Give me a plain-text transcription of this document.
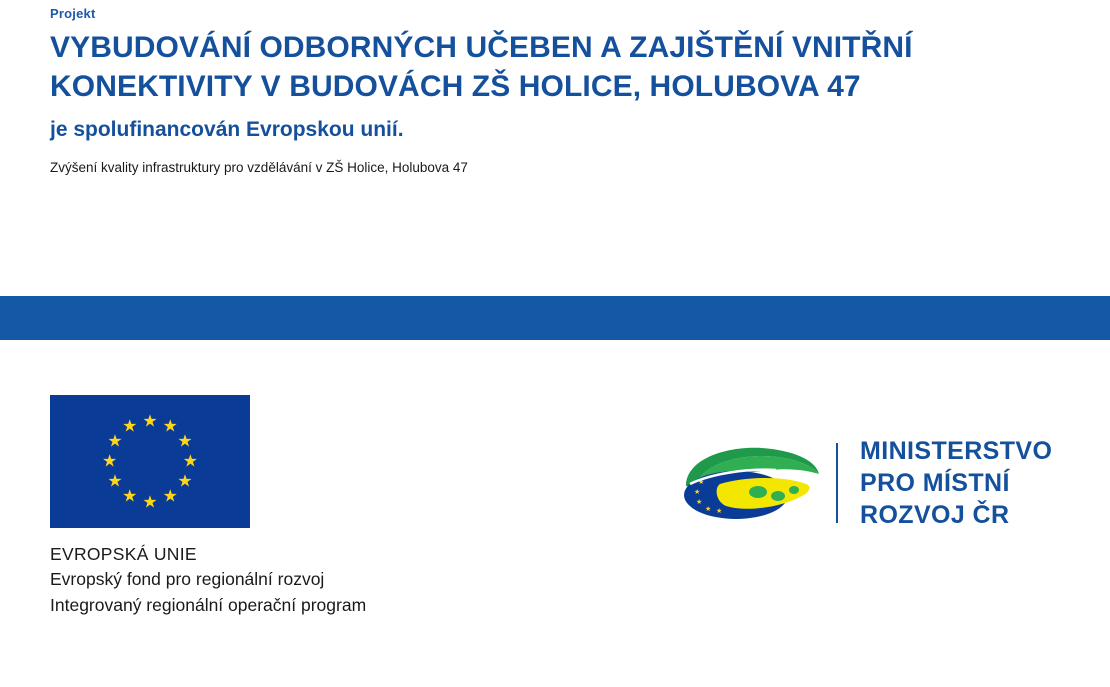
Projekt

VYBUDOVÁNÍ ODBORNÝCH UČEBEN A ZAJIŠTĚNÍ VNITŘNÍ KONEKTIVITY V BUDOVÁCH ZŠ HOLICE, HOLUBOVA 47

je spolufinancován Evropskou unií.

Zvýšení kvality infrastruktury pro vzdělávání v ZŠ Holice, Holubova 47

★ ★
★
★
★
★
★
★
★
★
★
★
EVROPSKÁ UNIE
Evropský fond pro regionální rozvoj
Integrovaný regionální operační program
★
★
★
★ ★
MINISTERSTVO
PRO MÍSTNÍ
ROZVOJ ČR
